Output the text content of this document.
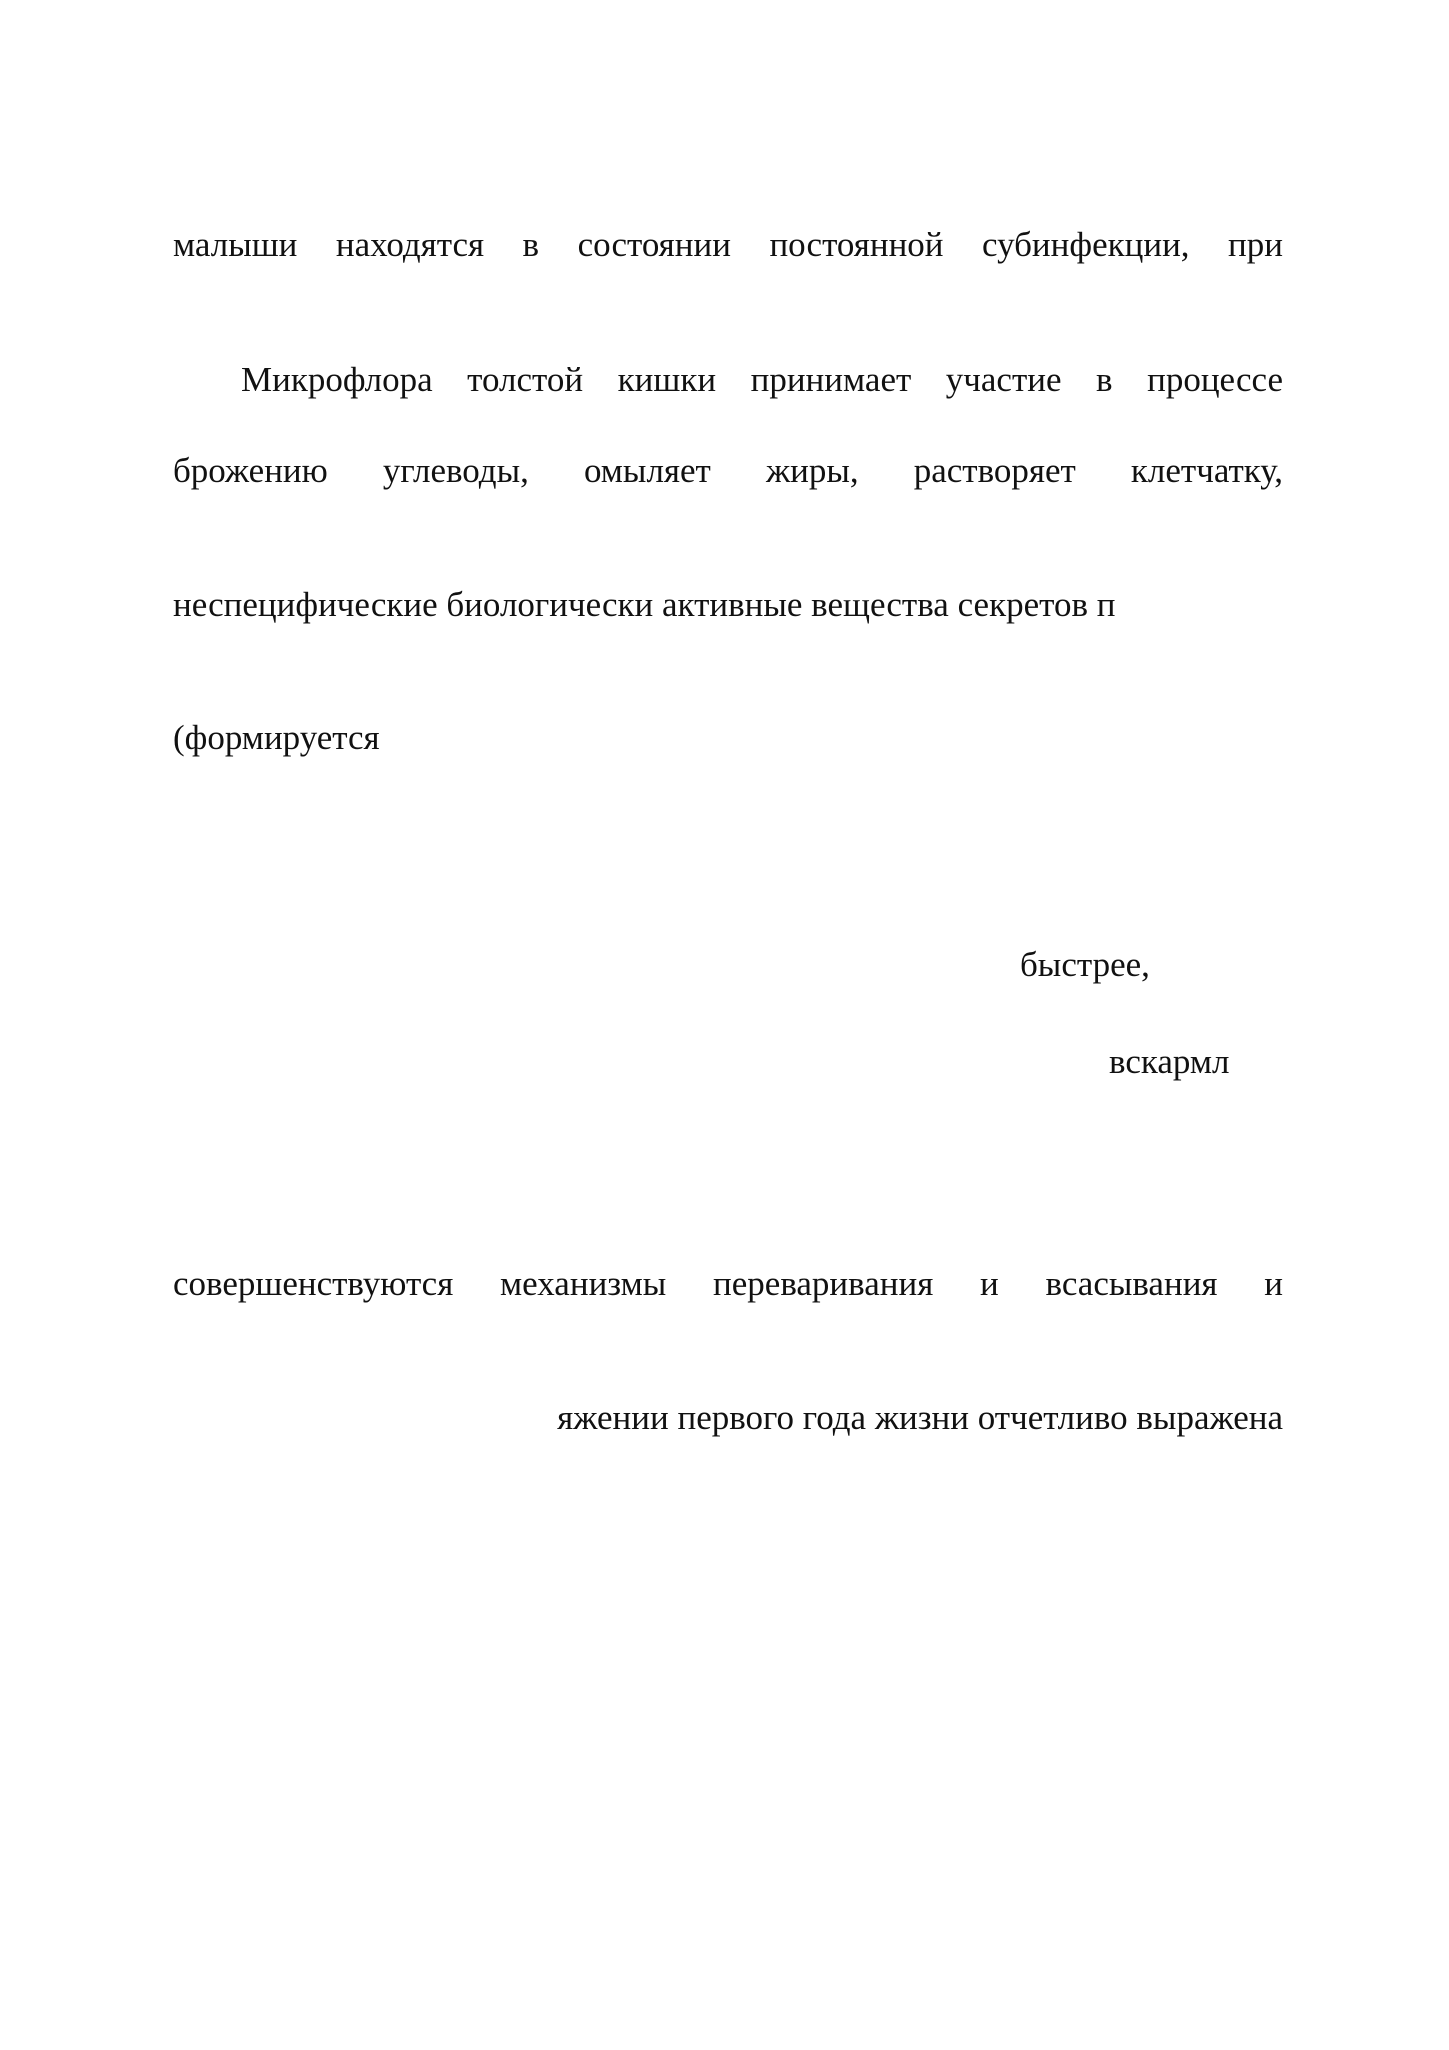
малыши находятся в состоянии постоянной субинфекции, при
Микрофлора толстой кишки принимает участие в процессе
брожению углеводы, омыляет жиры, растворяет клетчатку,
неспецифические биологически активные вещества секретов п
(формируется
быстрее,
вскармл
совершенствуются механизмы переваривания и всасывания и
яжении первого года жизни отчетливо выражена
